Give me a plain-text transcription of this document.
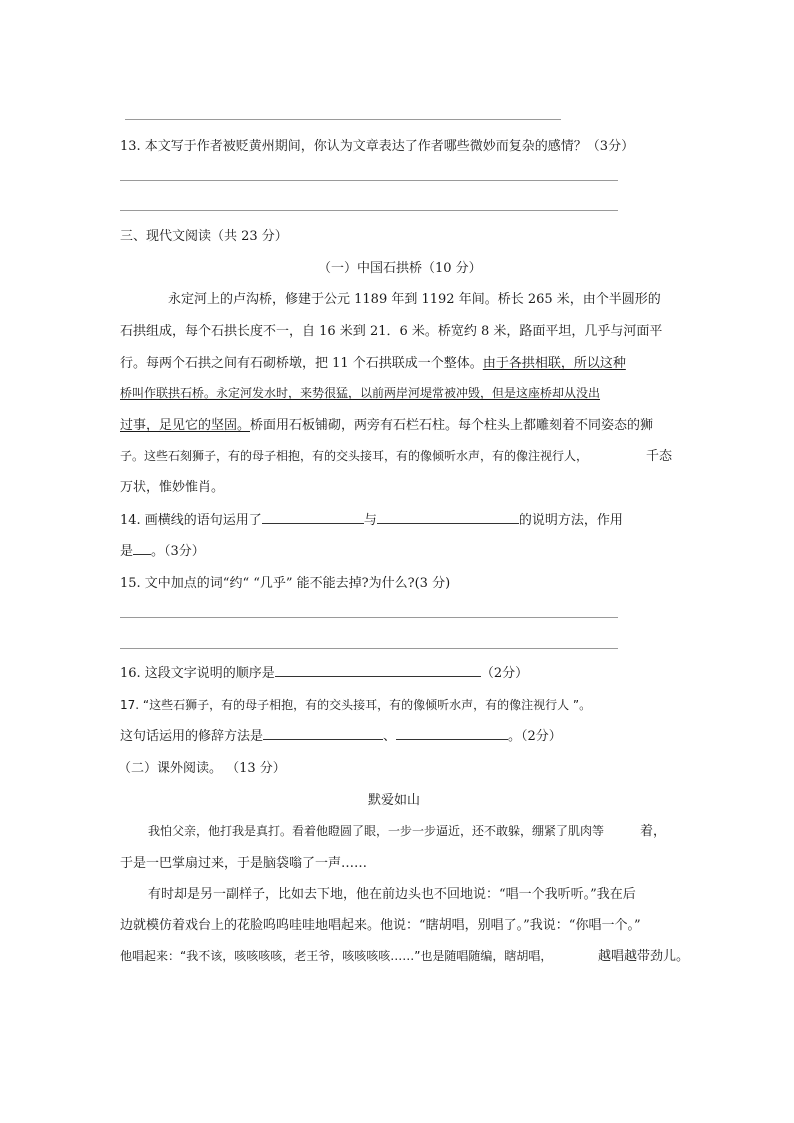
13. 本文写于作者被贬黄州期间，你认为文章表达了作者哪些微妙而复杂的感情？（3分）
三、现代文阅读（共 23 分）
（一）中国石拱桥（10 分）
永定河上的卢沟桥，修建于公元 1189 年到 1192 年间。桥长 265 米，由个半圆形的
石拱组成，每个石拱长度不一，自 16 米到 21．6 米。桥宽约 8 米，路面平坦，几乎与河面平
行。每两个石拱之间有石砌桥墩，把 11 个石拱联成一个整体。由于各拱相联，所以这种
桥叫作联拱石桥。永定河发水时，来势很猛，以前两岸河堤常被冲毁，但是这座桥却从没出
过事，足见它的坚固。桥面用石板铺砌，两旁有石栏石柱。每个柱头上都雕刻着不同姿态的狮
子。这些石刻狮子，有的母子相抱，有的交头接耳，有的像倾听水声，有的像注视行人，	千态
万状，惟妙惟肖。
14. 画横线的语句运用了	与	的说明方法，作用
是 。（3分）
15. 文中加点的词“约“ “几乎” 能不能去掉?为什么?(3 分)
16. 这段文字说明的顺序是	（2分）
17. “这些石狮子，有的母子相抱，有的交头接耳，有的像倾听水声，有的像注视行人 ”。
这句话运用的修辞方法是	、	。（2分）
（二）课外阅读。 （13 分）
默爱如山
我怕父亲，他打我是真打。看着他瞪圆了眼，一步一步逼近，还不敢躲，绷紧了肌肉等	着，
于是一巴掌扇过来，于是脑袋嗡了一声……
有时却是另一副样子，比如去下地，他在前边头也不回地说：“唱一个我听听。”我在后
边就模仿着戏台上的花脸呜呜哇哇地唱起来。他说：“瞎胡唱，别唱了。”我说：“你唱一个。”
他唱起来：“我不该，咳咳咳咳，老王爷，咳咳咳咳……”也是随唱随编，瞎胡唱，	越唱越带劲儿。
